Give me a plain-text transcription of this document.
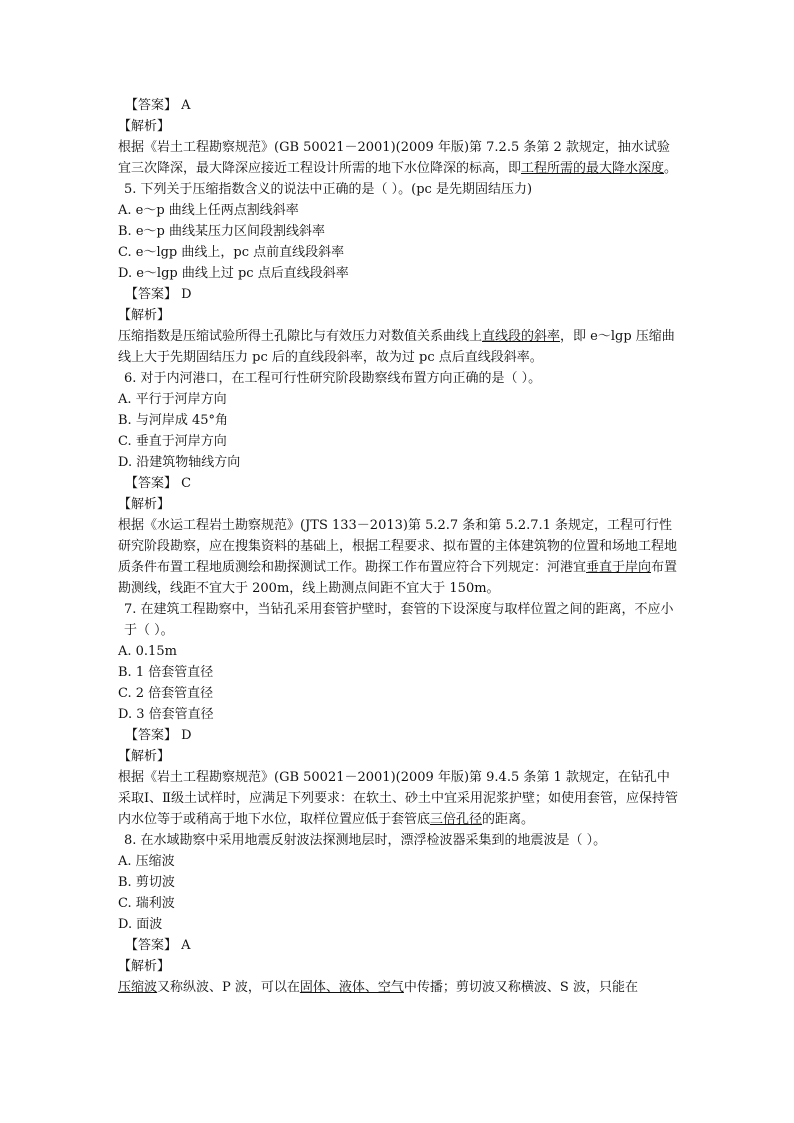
【答案】 A
【解析】
根据《岩土工程勘察规范》(GB 50021－2001)(2009 年版)第 7.2.5 条第 2 款规定，抽水试验宜三次降深，最大降深应接近工程设计所需的地下水位降深的标高，即工程所需的最大降水深度。
5. 下列关于压缩指数含义的说法中正确的是（ ）。(pc 是先期固结压力)
A. e～p 曲线上任两点割线斜率
B. e～p 曲线某压力区间段割线斜率
C. e～lgp 曲线上，pc 点前直线段斜率
D. e～lgp 曲线上过 pc 点后直线段斜率
【答案】 D
【解析】
压缩指数是压缩试验所得土孔隙比与有效压力对数值关系曲线上直线段的斜率，即 e～lgp 压缩曲线上大于先期固结压力 pc 后的直线段斜率，故为过 pc 点后直线段斜率。
6. 对于内河港口，在工程可行性研究阶段勘察线布置方向正确的是（ ）。
A. 平行于河岸方向
B. 与河岸成 45°角
C. 垂直于河岸方向
D. 沿建筑物轴线方向
【答案】 C
【解析】
根据《水运工程岩土勘察规范》(JTS 133－2013)第 5.2.7 条和第 5.2.7.1 条规定，工程可行性研究阶段勘察，应在搜集资料的基础上，根据工程要求、拟布置的主体建筑物的位置和场地工程地质条件布置工程地质测绘和勘探测试工作。勘探工作布置应符合下列规定：河港宜垂直于岸向布置勘测线，线距不宜大于 200m，线上勘测点间距不宜大于 150m。
7. 在建筑工程勘察中，当钻孔采用套管护壁时，套管的下设深度与取样位置之间的距离，不应小于（ ）。
A. 0.15m
B. 1 倍套管直径
C. 2 倍套管直径
D. 3 倍套管直径
【答案】 D
【解析】
根据《岩土工程勘察规范》(GB 50021－2001)(2009 年版)第 9.4.5 条第 1 款规定，在钻孔中采取Ⅰ、Ⅱ级土试样时，应满足下列要求：在软土、砂土中宜采用泥浆护壁；如使用套管，应保持管内水位等于或稍高于地下水位，取样位置应低于套管底三倍孔径的距离。
8. 在水域勘察中采用地震反射波法探测地层时，漂浮检波器采集到的地震波是（ ）。
A. 压缩波
B. 剪切波
C. 瑞利波
D. 面波
【答案】 A
【解析】
压缩波又称纵波、P 波，可以在固体、液体、空气中传播；剪切波又称横波、S 波，只能在
